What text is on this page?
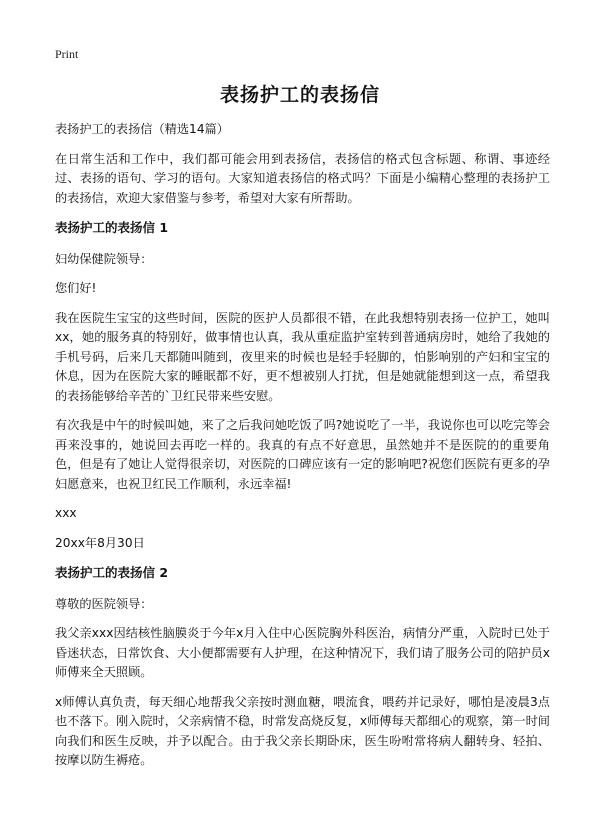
Print
表扬护工的表扬信

表扬护工的表扬信（精选14篇）

在日常生活和工作中，我们都可能会用到表扬信，表扬信的格式包含标题、称谓、事迹经过、表扬的语句、学习的语句。大家知道表扬信的格式吗？下面是小编精心整理的表扬护工的表扬信，欢迎大家借鉴与参考，希望对大家有所帮助。

表扬护工的表扬信 1

妇幼保健院领导：

您们好!

我在医院生宝宝的这些时间，医院的医护人员都很不错，在此我想特别表扬一位护工，她叫xx，她的服务真的特别好，做事情也认真，我从重症监护室转到普通病房时，她给了我她的手机号码，后来几天都随叫随到，夜里来的时候也是轻手轻脚的，怕影响别的产妇和宝宝的休息，因为在医院大家的睡眠都不好，更不想被别人打扰，但是她就能想到这一点，希望我的表扬能够给辛苦的`卫红民带来些安慰。

有次我是中午的时候叫她，来了之后我问她吃饭了吗?她说吃了一半，我说你也可以吃完等会再来没事的，她说回去再吃一样的。我真的有点不好意思，虽然她并不是医院的的重要角色，但是有了她让人觉得很亲切，对医院的口碑应该有一定的影响吧?祝您们医院有更多的孕妇愿意来，也祝卫红民工作顺利，永远幸福!

xxx

20xx年8月30日

表扬护工的表扬信 2

尊敬的医院领导：

我父亲xxx因结核性脑膜炎于今年x月入住中心医院胸外科医治，病情分严重，入院时已处于昏迷状态，日常饮食、大小便都需要有人护理，在这种情况下，我们请了服务公司的陪护员x师傅来全天照顾。

x师傅认真负责，每天细心地帮我父亲按时测血糖，喂流食，喂药并记录好，哪怕是凌晨3点也不落下。刚入院时，父亲病情不稳，时常发高烧反复，x师傅每天都细心的观察，第一时间向我们和医生反映，并予以配合。由于我父亲长期卧床，医生吩咐常将病人翻转身、轻拍、按摩以防生褥疮。
